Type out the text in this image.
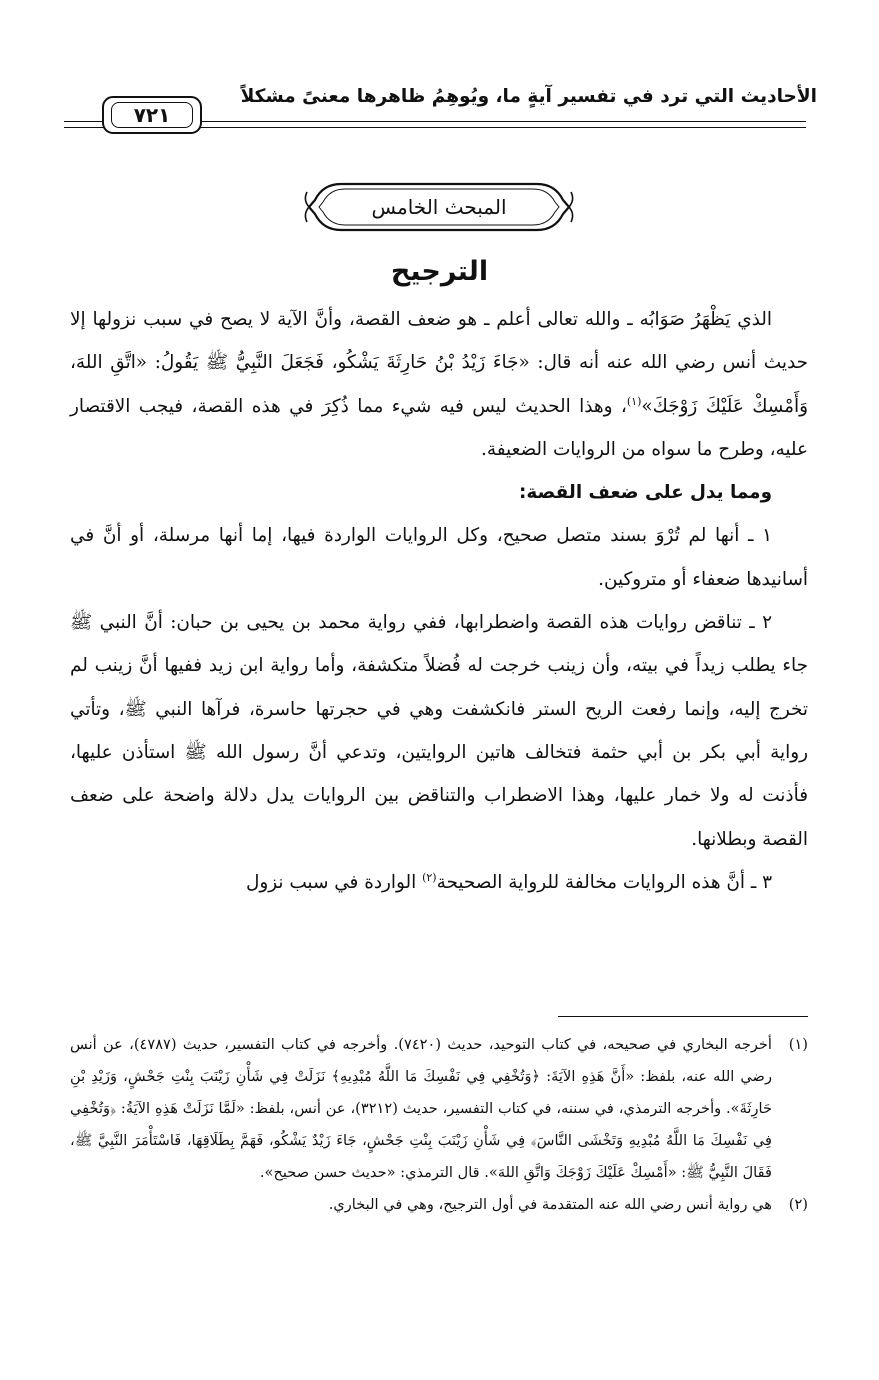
الأحاديث التي ترد في تفسير آيةٍ ما، ويُوهِمُ ظاهرها معنىً مشكلاً
٧٢١
المبحث الخامس
الترجيح

الذي يَظْهَرُ صَوَابُه ـ والله تعالى أعلم ـ هو ضعف القصة، وأنَّ الآية لا يصح في سبب نزولها إلا حديث أنس رضي الله عنه أنه قال: «جَاءَ زَيْدُ بْنُ حَارِثَةَ يَشْكُو، فَجَعَلَ النَّبِيُّ ﷺ يَقُولُ: «اتَّقِ اللهَ، وَأَمْسِكْ عَلَيْكَ زَوْجَكَ»$^{(١)}$، وهذا الحديث ليس فيه شيء مما ذُكِرَ في هذه القصة، فيجب الاقتصار عليه، وطرح ما سواه من الروايات الضعيفة.

ومما يدل على ضعف القصة:

١ ـ أنها لم تُرْوَ بسند متصل صحيح، وكل الروايات الواردة فيها، إما أنها مرسلة، أو أنَّ في أسانيدها ضعفاء أو متروكين.

٢ ـ تناقض روايات هذه القصة واضطرابها، ففي رواية محمد بن يحيى بن حبان: أنَّ النبي ﷺ جاء يطلب زيداً في بيته، وأن زينب خرجت له فُضلاً متكشفة، وأما رواية ابن زيد ففيها أنَّ زينب لم تخرج إليه، وإنما رفعت الريح الستر فانكشفت وهي في حجرتها حاسرة، فرآها النبي ﷺ، وتأتي رواية أبي بكر بن أبي حثمة فتخالف هاتين الروايتين، وتدعي أنَّ رسول الله ﷺ استأذن عليها، فأذنت له ولا خمار عليها، وهذا الاضطراب والتناقض بين الروايات يدل دلالة واضحة على ضعف القصة وبطلانها.

٣ ـ أنَّ هذه الروايات مخالفة للرواية الصحيحة$^{(٢)}$ الواردة في سبب نزول

(١)
أخرجه البخاري في صحيحه، في كتاب التوحيد، حديث (٧٤٢٠). وأخرجه في كتاب التفسير، حديث (٤٧٨٧)، عن أنس رضي الله عنه، بلفظ: «أَنَّ هَذِهِ الآيَةَ: ﴿وَتُخْفِي فِي نَفْسِكَ مَا اللَّهُ مُبْدِيهِ﴾ نَزَلَتْ فِي شَأْنِ زَيْنَبَ بِنْتِ جَحْشٍ، وَزَيْدِ بْنِ حَارِثَةَ». وأخرجه الترمذي، في سننه، في كتاب التفسير، حديث (٣٢١٢)، عن أنس، بلفظ: «لَمَّا نَزَلَتْ هَذِهِ الآيَةُ: ﴿وَتُخْفِي فِي نَفْسِكَ مَا اللَّهُ مُبْدِيهِ وَتَخْشَى النَّاسَ﴾ فِي شَأْنِ زَيْنَبَ بِنْتِ جَحْشٍ، جَاءَ زَيْدٌ يَشْكُو، فَهَمَّ بِطَلَاقِهَا، فَاسْتَأْمَرَ النَّبِيَّ ﷺ، فَقَالَ النَّبِيُّ ﷺ: «أَمْسِكْ عَلَيْكَ زَوْجَكَ وَاتَّقِ اللهَ». قال الترمذي: «حديث حسن صحيح».
(٢)
هي رواية أنس رضي الله عنه المتقدمة في أول الترجيح، وهي في البخاري.
